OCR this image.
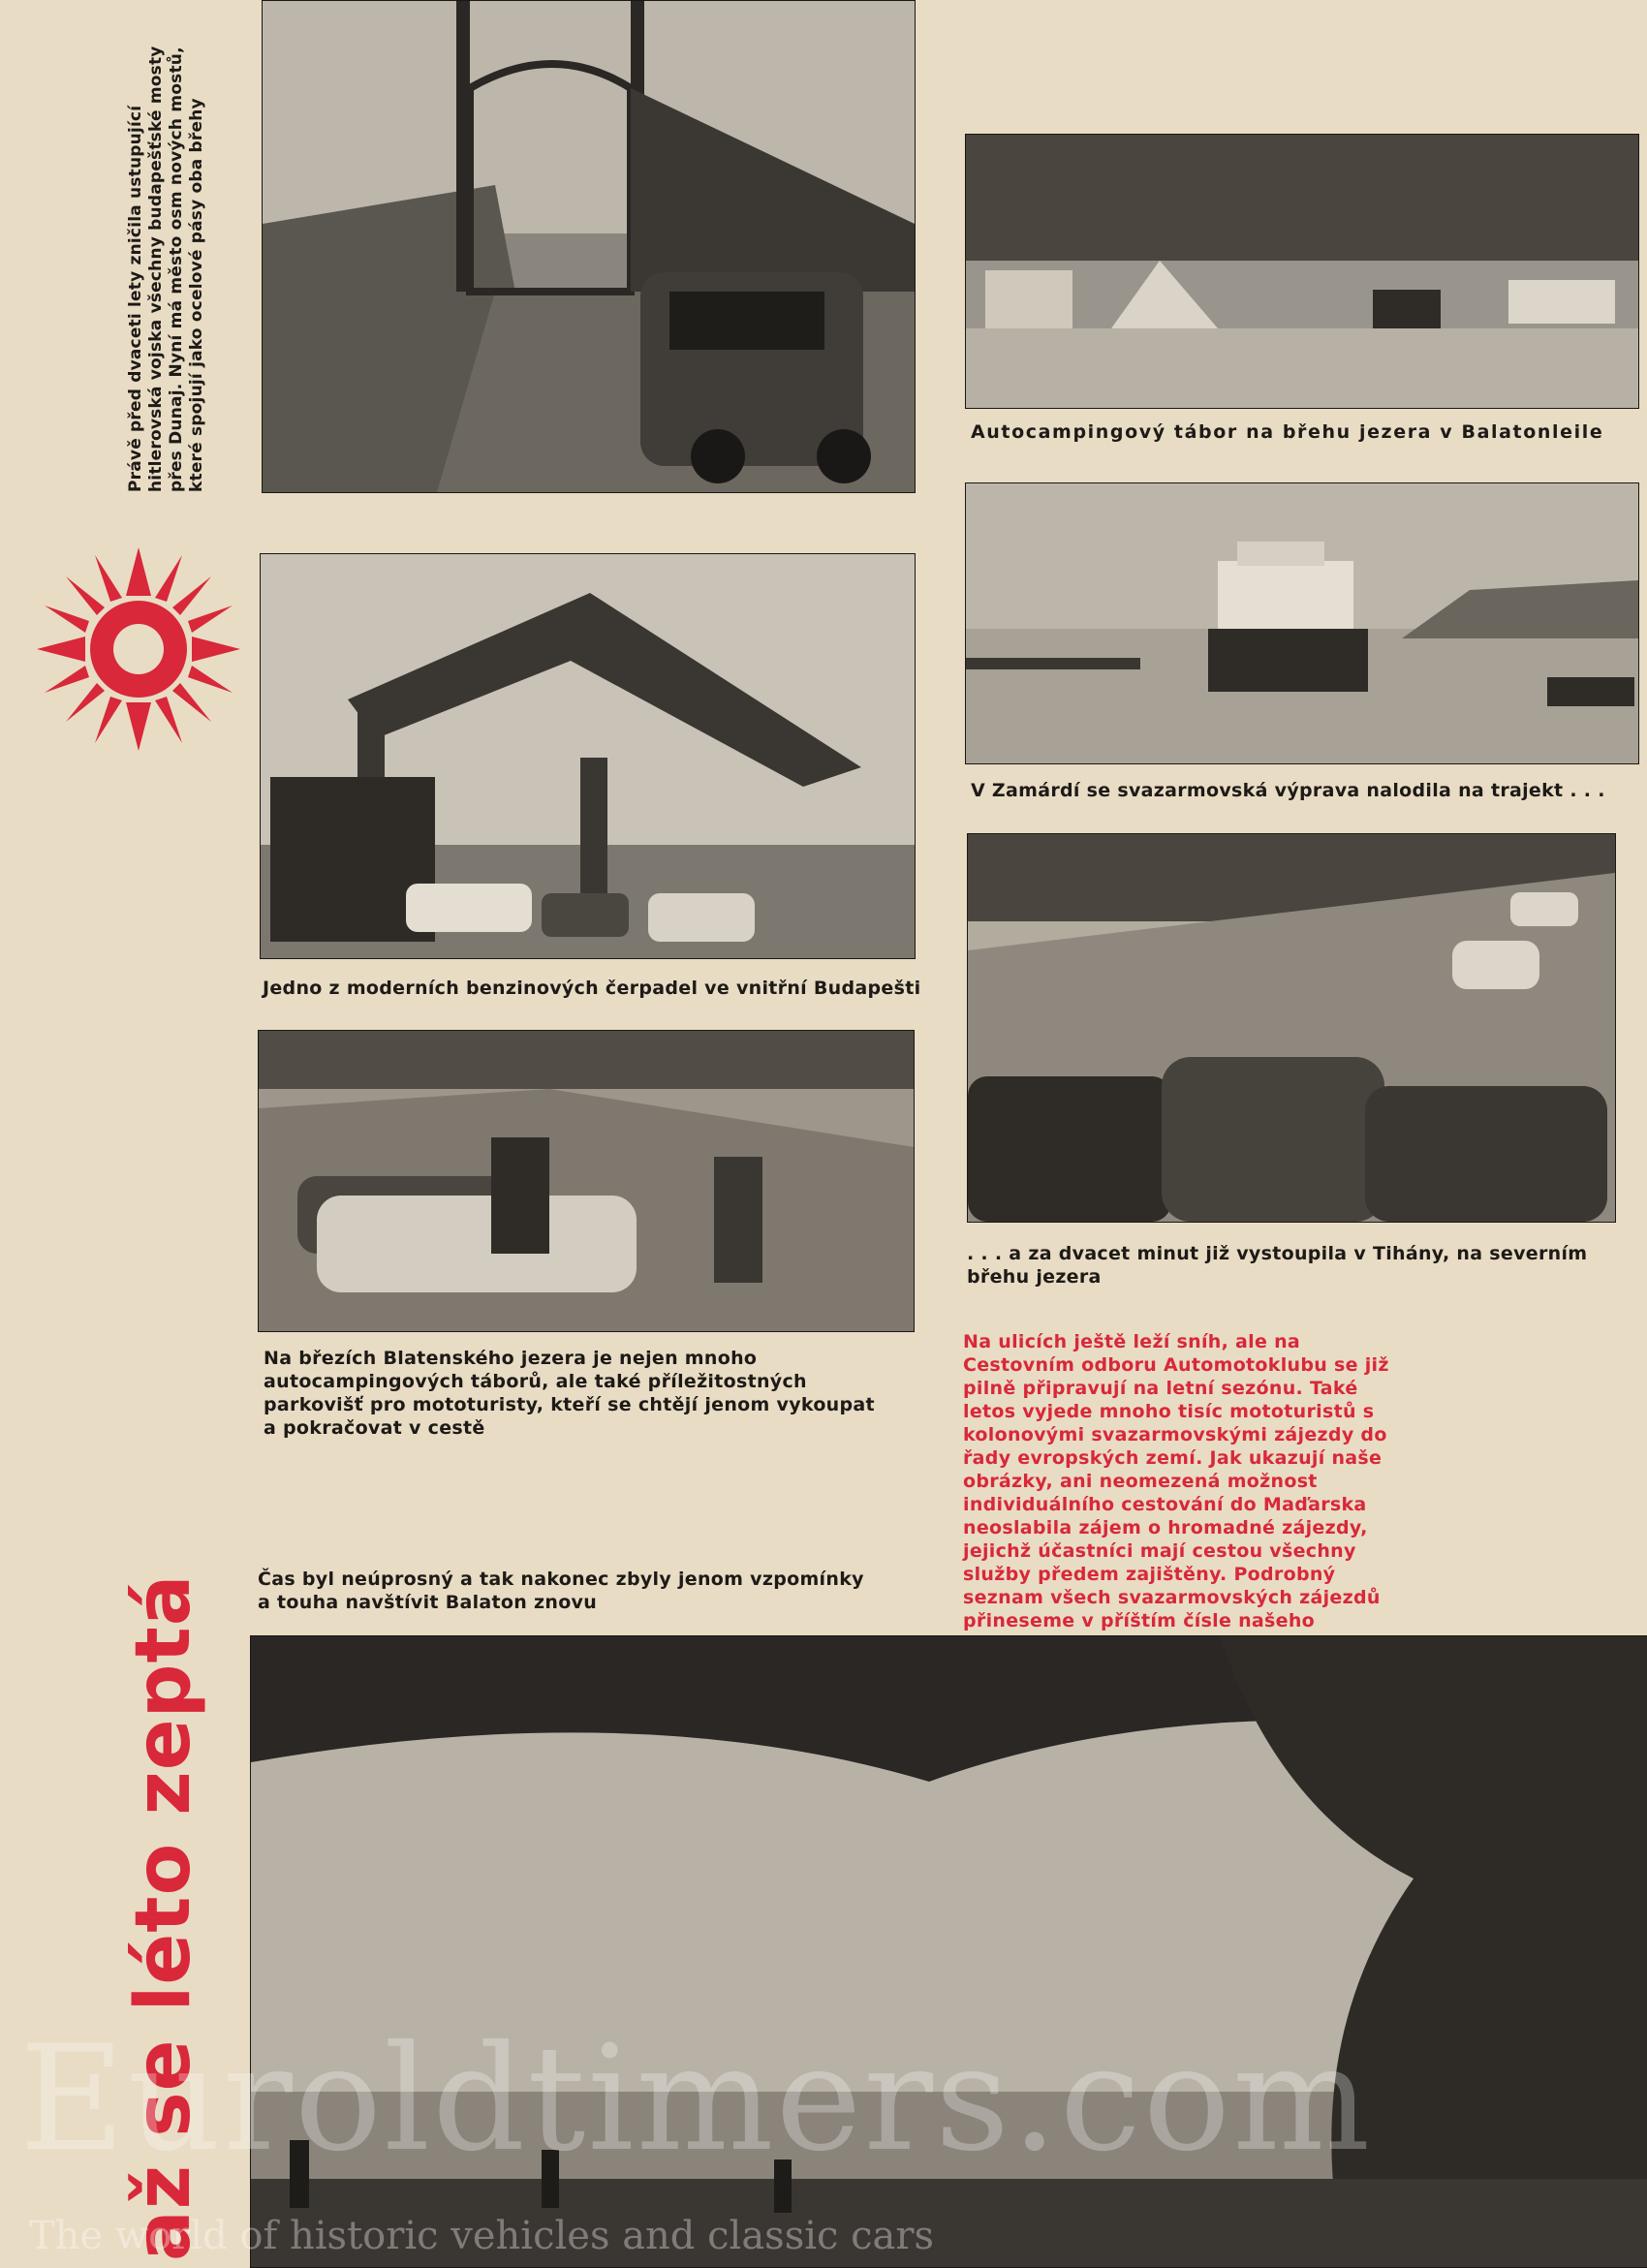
Právě před dvaceti lety zničila ustupující hitlerovská vojska všechny budapešťské mosty přes Dunaj. Nyní má město osm nových mostů, které spojují jako ocelové pásy oba břehy	Autocampingový tábor na břehu jezera v Balatonleile
Jedno z moderních benzinových čerpadel ve vnitřní Budapešti
V Zamárdí se svazarmovská výprava nalodila na trajekt . . .
. . . a za dvacet minut již vystoupila v Tihány, na severním břehu jezera
Na březích Blatenského jezera je nejen mnoho autocampingových táborů, ale také příležitostných parkovišť pro mototuristy, kteří se chtějí jenom vykoupat a pokračovat v cestě
Na ulicích ještě leží sníh, ale na Cestovním odboru Automotoklubu se již pilně připravují na letní sezónu. Také letos vyjede mnoho tisíc mototuristů s kolonovými svazarmovskými zájezdy do řady evropských zemí. Jak ukazují naše obrázky, ani neomezená možnost individuálního cestování do Maďarska neoslabila zájem o hromadné zájezdy, jejichž účastníci mají cestou všechny služby předem zajištěny. Podrobný seznam všech svazarmovských zájezdů přineseme v příštím čísle našeho
Čas byl neúprosný a tak nakonec zbyly jenom vzpomínky a touha navštívit Balaton znovu
až se léto zeptá
Euroldtimers.com
The world of historic vehicles and classic cars
